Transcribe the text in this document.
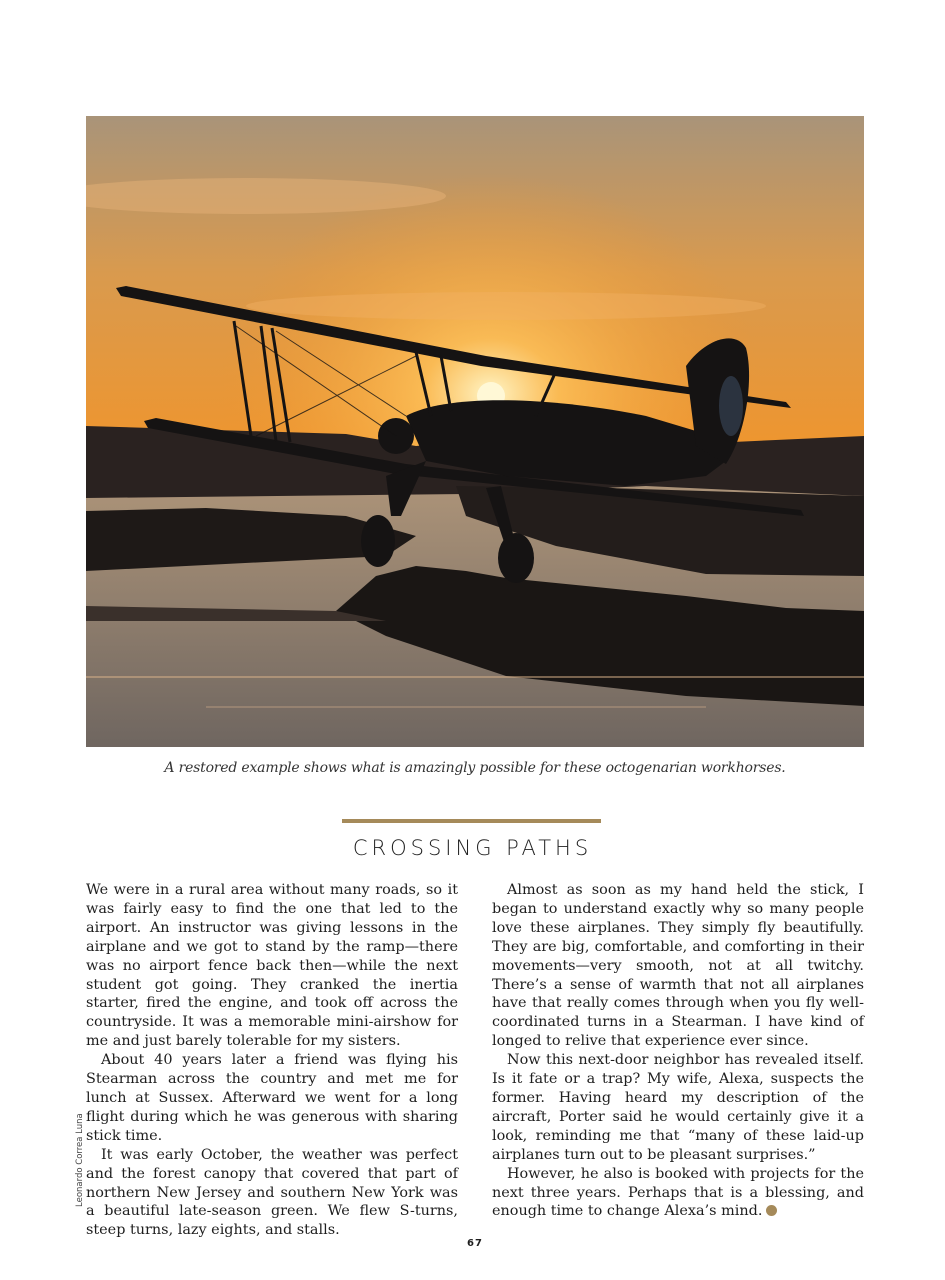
A restored example shows what is amazingly possible for these octogenarian workhorses.
CROSSING PATHS

We were in a rural area without many roads, so it was fairly easy to find the one that led to the airport. An instructor was giving lessons in the airplane and we got to stand by the ramp—there was no airport fence back then—while the next student got going. They cranked the inertia starter, fired the engine, and took off across the countryside. It was a memorable mini-airshow for me and just barely tolerable for my sisters.

About 40 years later a friend was flying his Stearman across the country and met me for lunch at Sussex. Afterward we went for a long flight during which he was generous with sharing stick time.

It was early October, the weather was perfect and the forest canopy that covered that part of northern New Jersey and southern New York was a beautiful late-season green. We flew S-turns, steep turns, lazy eights, and stalls.

Almost as soon as my hand held the stick, I began to understand exactly why so many people love these airplanes. They simply fly beautifully. They are big, comfortable, and comforting in their movements—very smooth, not at all twitchy. There’s a sense of warmth that not all airplanes have that really comes through when you fly well-coordinated turns in a Stearman. I have kind of longed to relive that experience ever since.

Now this next-door neighbor has revealed itself. Is it fate or a trap? My wife, Alexa, suspects the former. Having heard my description of the aircraft, Porter said he would certainly give it a look, reminding me that “many of these laid-up airplanes turn out to be pleasant surprises.”

However, he also is booked with projects for the next three years. Perhaps that is a blessing, and enough time to change Alexa’s mind.

Leonardo Correa Luna
67
